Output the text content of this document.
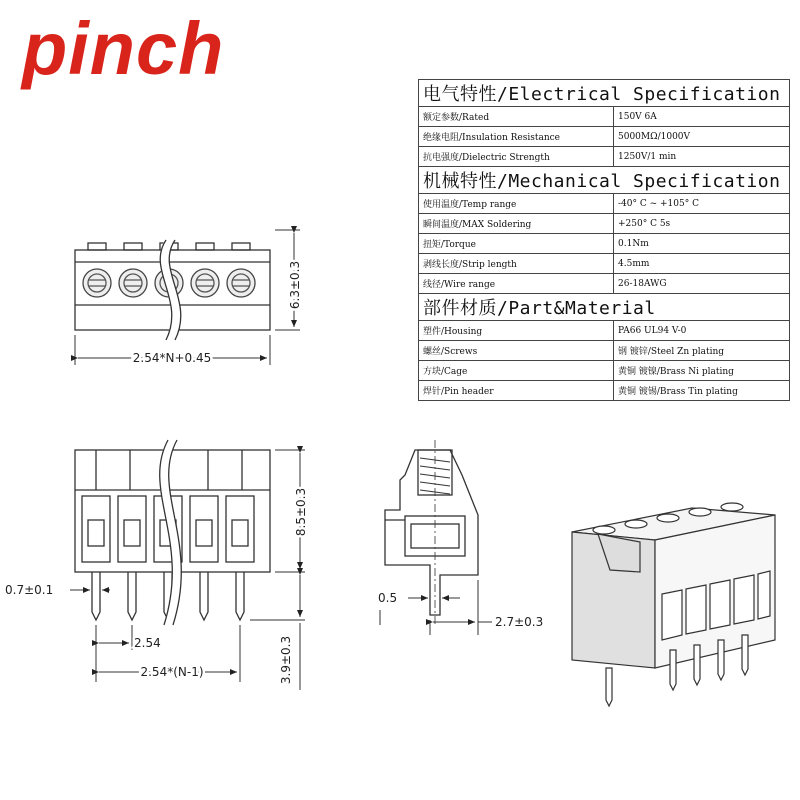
pinch
电气特性/Electrical Specification	
额定参数/Rated	150V 6A
绝缘电阻/Insulation Resistance	5000MΩ/1000V
抗电强度/Dielectric Strength	1250V/1 min
机械特性/Mechanical Specification	
使用温度/Temp range	-40° C ~ +105° C
瞬间温度/MAX Soldering	+250° C 5s
扭矩/Torque	0.1Nm
剥线长度/Strip length	4.5mm
线径/Wire range	26-18AWG
部件材质/Part&Material	
塑件/Housing	PA66 UL94 V-0
螺丝/Screws	钢 镀锌/Steel Zn plating
方块/Cage	黄铜 镀镍/Brass Ni plating
焊针/Pin header	黄铜 镀锡/Brass Tin plating
2.54*N+0.45
6.3±0.3
8.5±0.3
3.9±0.3
0.7±0.1
2.54
2.54*(N-1)
0.5
2.7±0.3
